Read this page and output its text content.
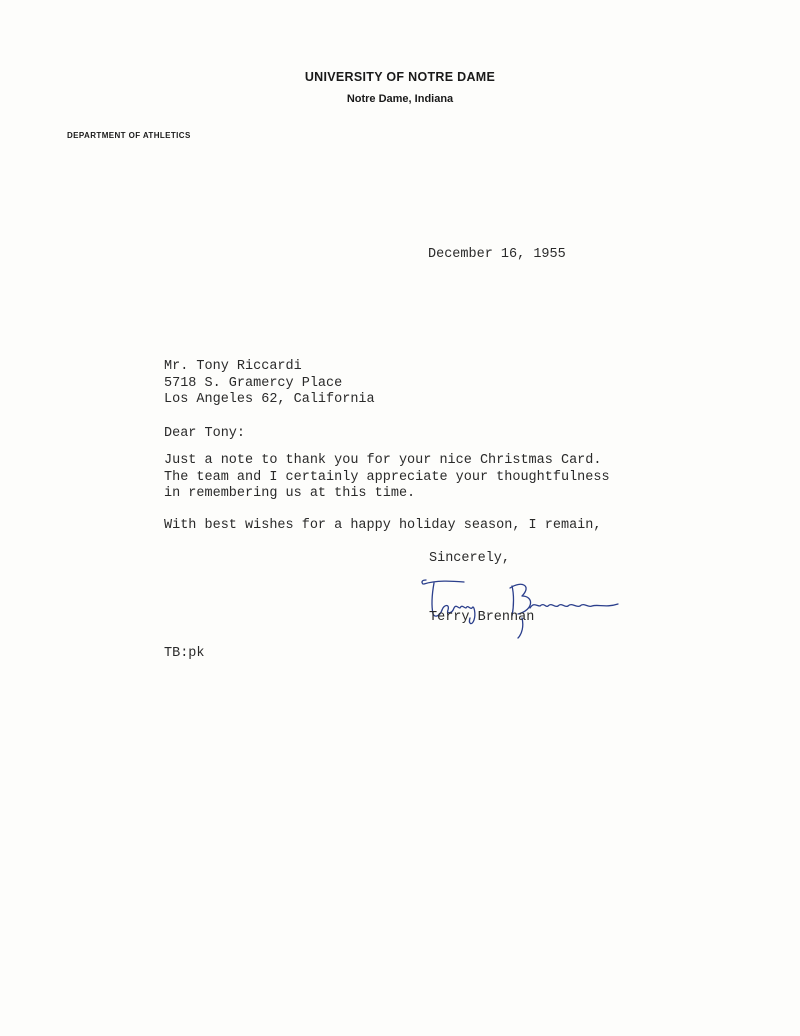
UNIVERSITY OF NOTRE DAME
Notre Dame, Indiana
DEPARTMENT OF ATHLETICS
December 16, 1955
Mr. Tony Riccardi
5718 S. Gramercy Place
Los Angeles 62, California
Dear Tony:
Just a note to thank you for your nice Christmas Card.
The team and I certainly appreciate your thoughtfulness
in remembering us at this time.
With best wishes for a happy holiday season, I remain,
Sincerely,
Terry Brennan
TB:pk
